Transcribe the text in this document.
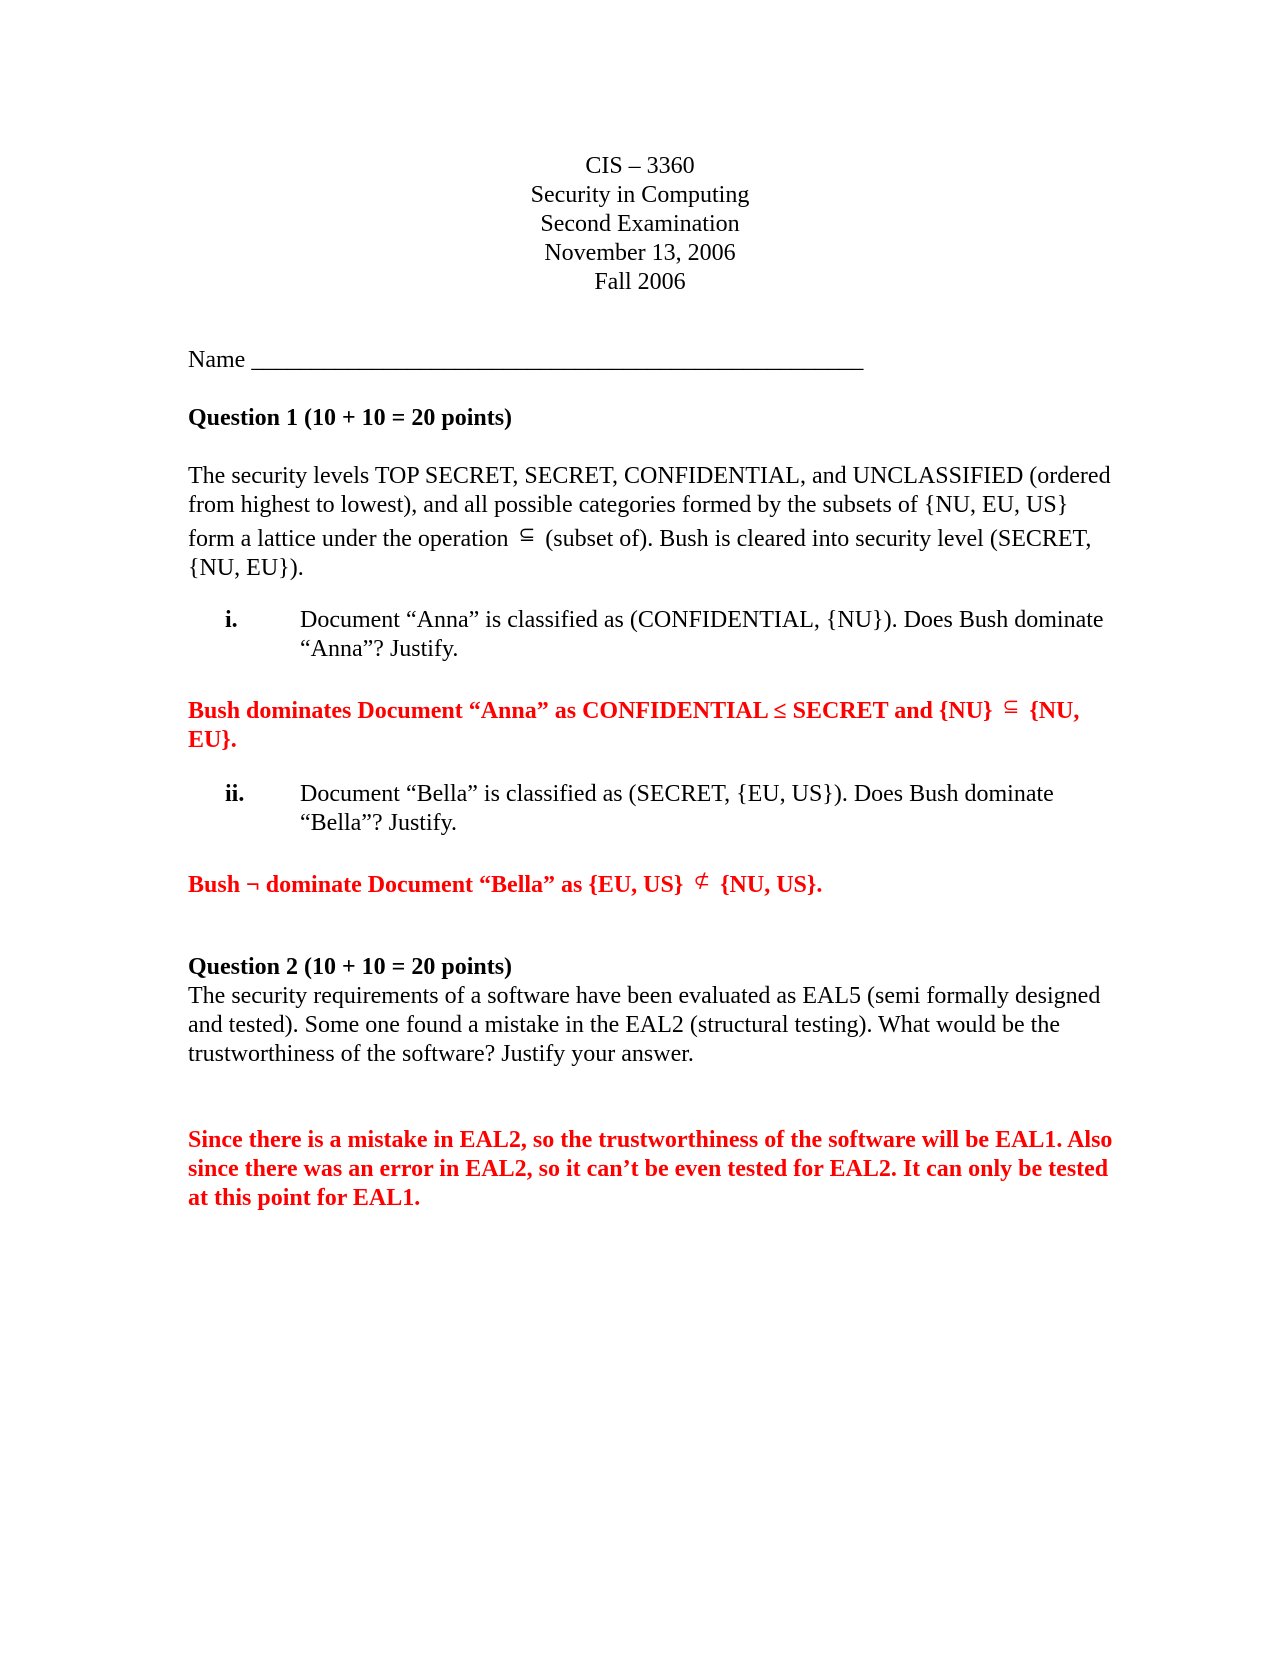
CIS – 3360
Security in Computing
Second Examination
November 13, 2006
Fall 2006
Name ___________________________________________________
Question 1 (10 + 10 = 20 points)
The security levels TOP SECRET, SECRET, CONFIDENTIAL, and UNCLASSIFIED (ordered from highest to lowest), and all possible categories formed by the subsets of {NU, EU, US} form a lattice under the operation ⊆ (subset of). Bush is cleared into security level (SECRET, {NU, EU}).
i.	Document “Anna” is classified as (CONFIDENTIAL, {NU}). Does Bush dominate “Anna”? Justify.
Bush dominates Document “Anna” as CONFIDENTIAL ≤ SECRET and {NU} ⊆ {NU, EU}.
ii. Document “Bella” is classified as (SECRET, {EU, US}). Does Bush dominate “Bella”? Justify.
Bush ¬ dominate Document “Bella” as {EU, US} ⊄ {NU, US}.
Question 2 (10 + 10 = 20 points)
The security requirements of a software have been evaluated as EAL5 (semi formally designed and tested). Some one found a mistake in the EAL2 (structural testing). What would be the trustworthiness of the software? Justify your answer.
Since there is a mistake in EAL2, so the trustworthiness of the software will be EAL1. Also since there was an error in EAL2, so it can’t be even tested for EAL2. It can only be tested at this point for EAL1.
